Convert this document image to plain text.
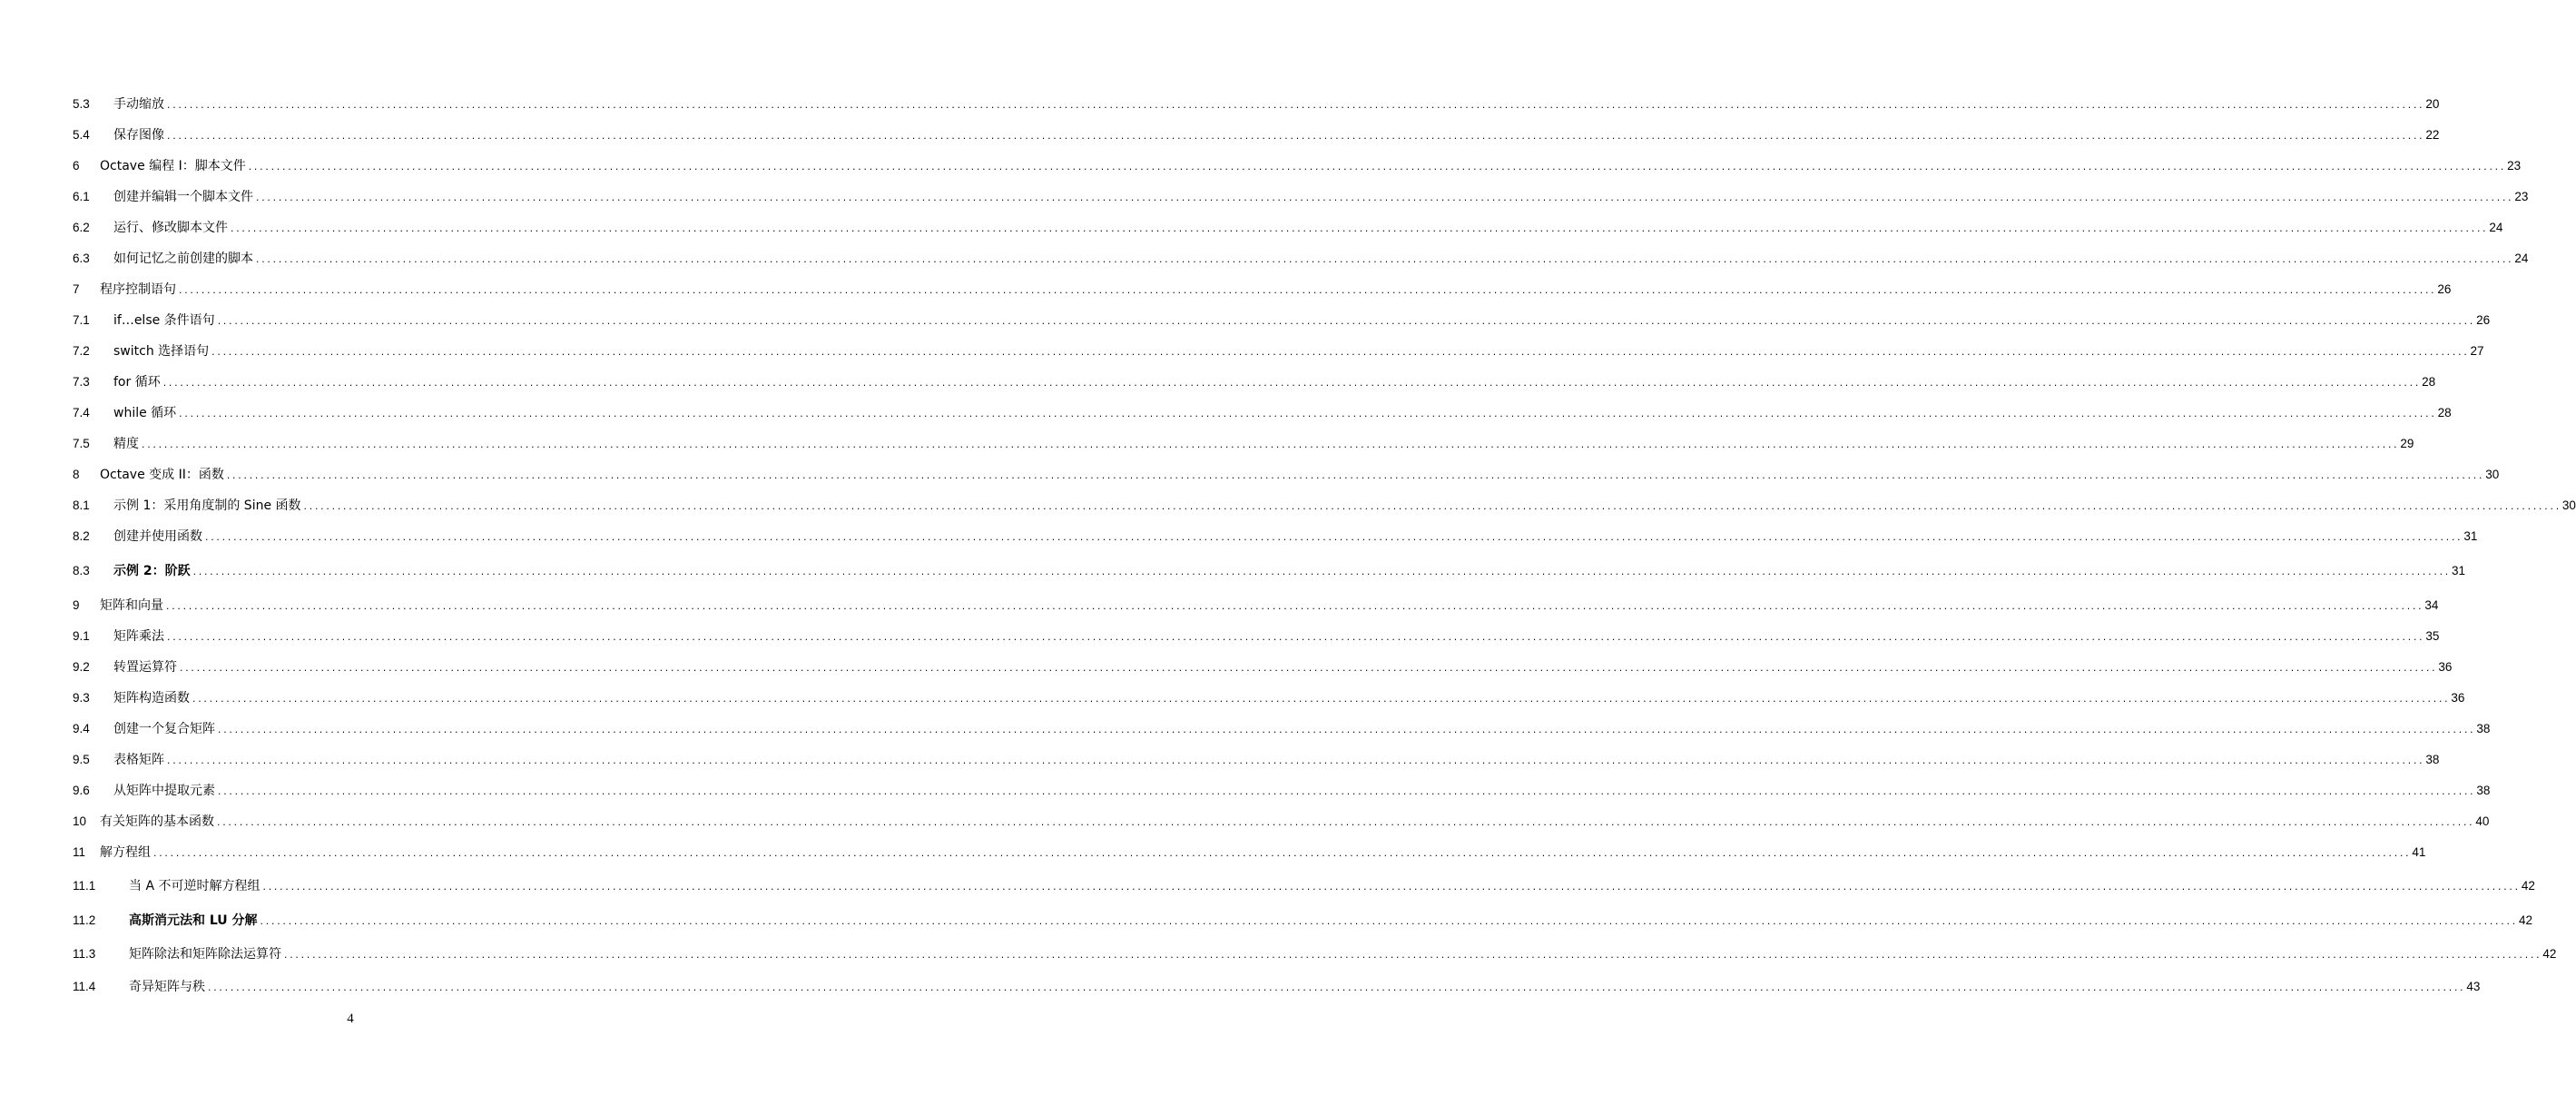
5.3	手动缩放 ................................................................................................................................................................................................................................................................................................................................................................................................................ 20
5.4	保存图像 ................................................................................................................................................................................................................................................................................................................................................................................................................ 22
6	Octave 编程 I：脚本文件 ................................................................................................................................................................................................................................................................................................................................................................................................................ 23
6.1	创建并编辑一个脚本文件 ................................................................................................................................................................................................................................................................................................................................................................................................................ 23
6.2	运行、修改脚本文件 ................................................................................................................................................................................................................................................................................................................................................................................................................ 24
6.3	如何记忆之前创建的脚本 ................................................................................................................................................................................................................................................................................................................................................................................................................ 24
7	程序控制语句 ................................................................................................................................................................................................................................................................................................................................................................................................................ 26
7.1	if…else 条件语句 ................................................................................................................................................................................................................................................................................................................................................................................................................ 26
7.2	switch 选择语句 ................................................................................................................................................................................................................................................................................................................................................................................................................ 27
7.3	for 循环 ................................................................................................................................................................................................................................................................................................................................................................................................................ 28
7.4	while 循环 ................................................................................................................................................................................................................................................................................................................................................................................................................ 28
7.5	精度 ................................................................................................................................................................................................................................................................................................................................................................................................................ 29
8	Octave 变成 II：函数 ................................................................................................................................................................................................................................................................................................................................................................................................................ 30
8.1	示例 1：采用角度制的 Sine 函数 ................................................................................................................................................................................................................................................................................................................................................................................................................ 30
8.2	创建并使用函数 ................................................................................................................................................................................................................................................................................................................................................................................................................ 31
8.3	示例 2：阶跃 ................................................................................................................................................................................................................................................................................................................................................................................................................ 31
9	矩阵和向量 ................................................................................................................................................................................................................................................................................................................................................................................................................ 34
9.1	矩阵乘法 ................................................................................................................................................................................................................................................................................................................................................................................................................ 35
9.2	转置运算符 ................................................................................................................................................................................................................................................................................................................................................................................................................ 36
9.3	矩阵构造函数 ................................................................................................................................................................................................................................................................................................................................................................................................................ 36
9.4	创建一个复合矩阵 ................................................................................................................................................................................................................................................................................................................................................................................................................ 38
9.5	表格矩阵 ................................................................................................................................................................................................................................................................................................................................................................................................................ 38
9.6	从矩阵中提取元素 ................................................................................................................................................................................................................................................................................................................................................................................................................ 38
10	有关矩阵的基本函数 ................................................................................................................................................................................................................................................................................................................................................................................................................ 40
11	解方程组 ................................................................................................................................................................................................................................................................................................................................................................................................................ 41
11.1	当 A 不可逆时解方程组 ................................................................................................................................................................................................................................................................................................................................................................................................................ 42
11.2	高斯消元法和 LU 分解 ................................................................................................................................................................................................................................................................................................................................................................................................................ 42
11.3	矩阵除法和矩阵除法运算符 ................................................................................................................................................................................................................................................................................................................................................................................................................ 42
11.4	奇异矩阵与秩 ................................................................................................................................................................................................................................................................................................................................................................................................................ 43
4
